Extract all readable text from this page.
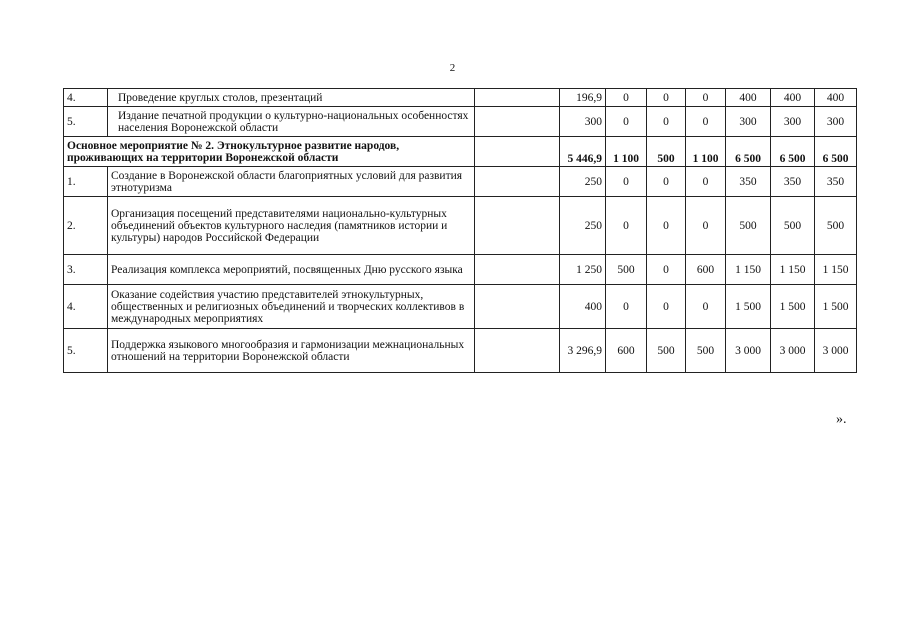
2
4.	Проведение круглых столов, презентаций		196,9	0	0	0	400	400	400
5.	Издание печатной продукции о культурно-национальных особенностях населения Воронежской области		300	0	0	0	300	300	300
Основное мероприятие № 2. Этнокультурное развитие народов, проживающих на территории Воронежской области			5 446,9	1 100	500	1 100	6 500	6 500	6 500
1.	Создание в Воронежской области благоприятных условий для развития этнотуризма		250	0	0	0	350	350	350
2.	Организация посещений представителями национально-культурных объединений объектов культурного наследия (памятников истории и культуры) народов Российской Федерации		250	0	0	0	500	500	500
3.	Реализация комплекса мероприятий, посвященных Дню русского языка		1 250	500	0	600	1 150	1 150	1 150
4.	Оказание содействия участию представителей этнокультурных, общественных и религиозных объединений и творческих коллективов в международных мероприятиях		400	0	0	0	1 500	1 500	1 500
5.	Поддержка языкового многообразия и гармонизации межнациональных отношений на территории Воронежской области		3 296,9	600	500	500	3 000	3 000	3 000
».
